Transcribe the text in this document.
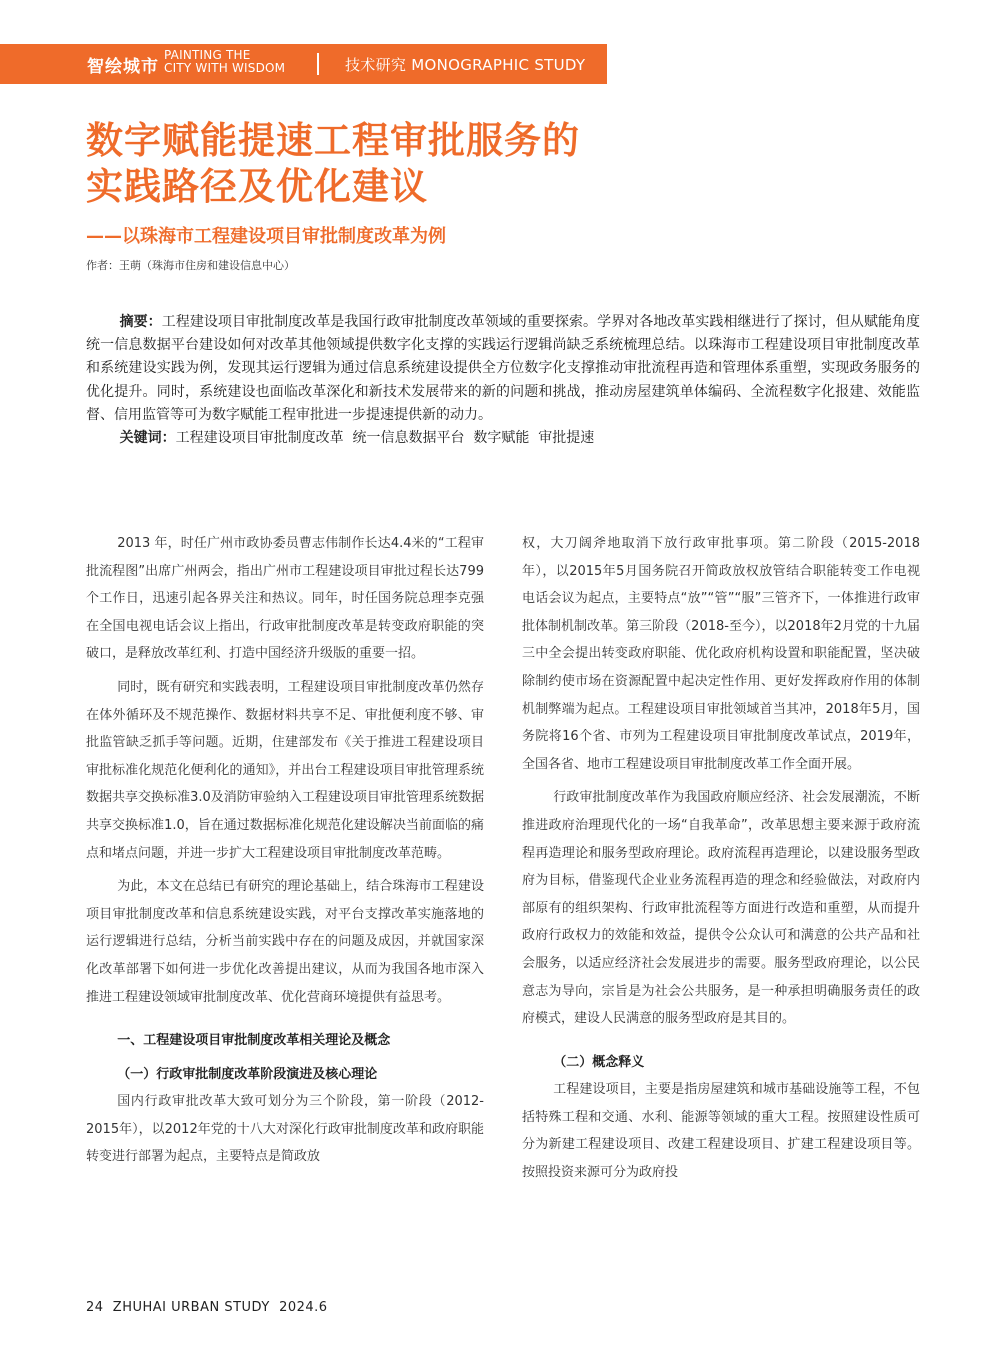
智绘城市
PAINTING THE
CITY WITH WISDOM	技术研究 MONOGRAPHIC STUDY
数字赋能提速工程审批服务的
实践路径及优化建议
——以珠海市工程建设项目审批制度改革为例
作者：王萌（珠海市住房和建设信息中心）

摘要：工程建设项目审批制度改革是我国行政审批制度改革领域的重要探索。学界对各地改革实践相继进行了探讨，但从赋能角度统一信息数据平台建设如何对改革其他领域提供数字化支撑的实践运行逻辑尚缺乏系统梳理总结。以珠海市工程建设项目审批制度改革和系统建设实践为例，发现其运行逻辑为通过信息系统建设提供全方位数字化支撑推动审批流程再造和管理体系重塑，实现政务服务的优化提升。同时，系统建设也面临改革深化和新技术发展带来的新的问题和挑战，推动房屋建筑单体编码、全流程数字化报建、效能监督、信用监管等可为数字赋能工程审批进一步提速提供新的动力。

关键词：工程建设项目审批制度改革  统一信息数据平台  数字赋能  审批提速

2013 年，时任广州市政协委员曹志伟制作长达4.4米的“工程审批流程图”出席广州两会，指出广州市工程建设项目审批过程长达799个工作日，迅速引起各界关注和热议。同年，时任国务院总理李克强在全国电视电话会议上指出，行政审批制度改革是转变政府职能的突破口，是释放改革红利、打造中国经济升级版的重要一招。

同时，既有研究和实践表明，工程建设项目审批制度改革仍然存在体外循环及不规范操作、数据材料共享不足、审批便利度不够、审批监管缺乏抓手等问题。近期，住建部发布《关于推进工程建设项目审批标准化规范化便利化的通知》，并出台工程建设项目审批管理系统数据共享交换标准3.0及消防审验纳入工程建设项目审批管理系统数据共享交换标准1.0，旨在通过数据标准化规范化建设解决当前面临的痛点和堵点问题，并进一步扩大工程建设项目审批制度改革范畴。

为此，本文在总结已有研究的理论基础上，结合珠海市工程建设项目审批制度改革和信息系统建设实践，对平台支撑改革实施落地的运行逻辑进行总结，分析当前实践中存在的问题及成因，并就国家深化改革部署下如何进一步优化改善提出建议，从而为我国各地市深入推进工程建设领域审批制度改革、优化营商环境提供有益思考。

一、工程建设项目审批制度改革相关理论及概念

（一）行政审批制度改革阶段演进及核心理论

国内行政审批改革大致可划分为三个阶段，第一阶段（2012-2015年），以2012年党的十八大对深化行政审批制度改革和政府职能转变进行部署为起点，主要特点是简政放

权，大刀阔斧地取消下放行政审批事项。第二阶段（2015-2018年），以2015年5月国务院召开简政放权放管结合职能转变工作电视电话会议为起点，主要特点“放”“管”“服”三管齐下，一体推进行政审批体制机制改革。第三阶段（2018-至今），以2018年2月党的十九届三中全会提出转变政府职能、优化政府机构设置和职能配置，坚决破除制约使市场在资源配置中起决定性作用、更好发挥政府作用的体制机制弊端为起点。工程建设项目审批领域首当其冲，2018年5月，国务院将16个省、市列为工程建设项目审批制度改革试点，2019年，全国各省、地市工程建设项目审批制度改革工作全面开展。

行政审批制度改革作为我国政府顺应经济、社会发展潮流，不断推进政府治理现代化的一场“自我革命”，改革思想主要来源于政府流程再造理论和服务型政府理论。政府流程再造理论，以建设服务型政府为目标，借鉴现代企业业务流程再造的理念和经验做法，对政府内部原有的组织架构、行政审批流程等方面进行改造和重塑，从而提升政府行政权力的效能和效益，提供令公众认可和满意的公共产品和社会服务，以适应经济社会发展进步的需要。服务型政府理论，以公民意志为导向，宗旨是为社会公共服务，是一种承担明确服务责任的政府模式，建设人民满意的服务型政府是其目的。

（二）概念释义

工程建设项目，主要是指房屋建筑和城市基础设施等工程，不包括特殊工程和交通、水利、能源等领域的重大工程。按照建设性质可分为新建工程建设项目、改建工程建设项目、扩建工程建设项目等。按照投资来源可分为政府投

24  ZHUHAI URBAN STUDY  2024.6
